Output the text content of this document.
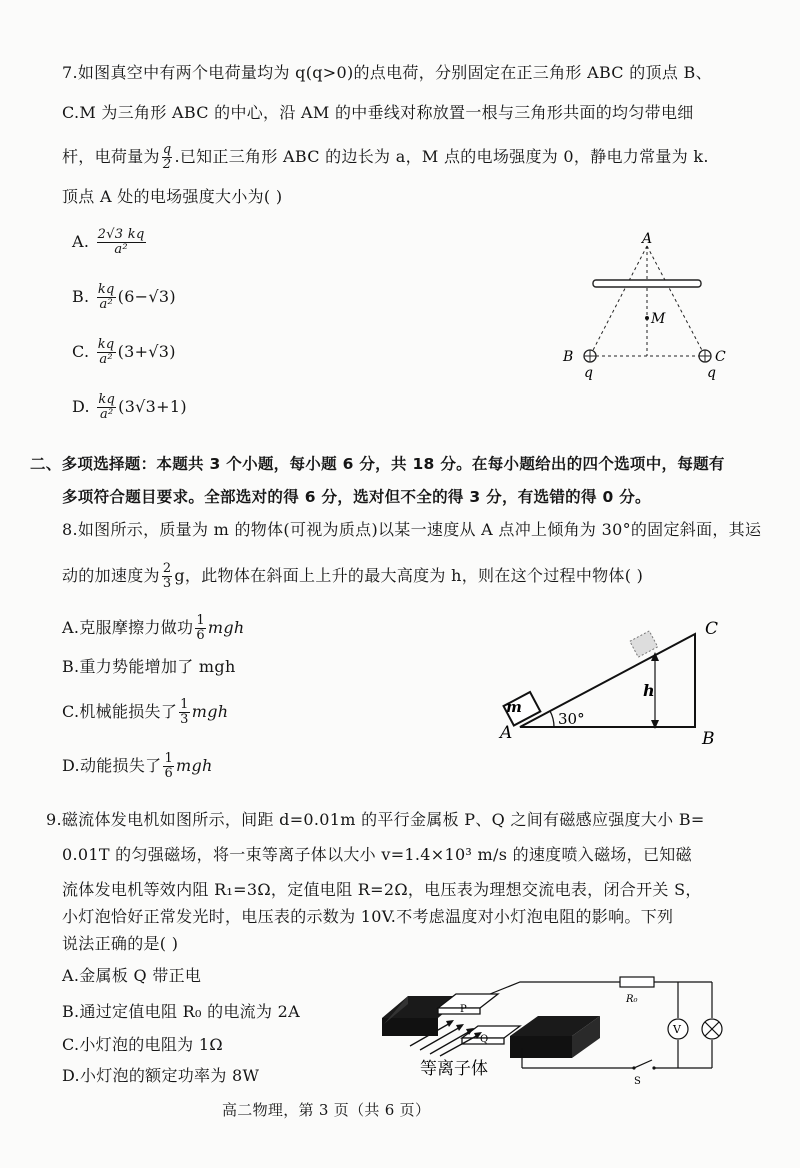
7.如图真空中有两个电荷量均为 q(q>0)的点电荷，分别固定在正三角形 ABC 的顶点 B、
C.M 为三角形 ABC 的中心，沿 AM 的中垂线对称放置一根与三角形共面的均匀带电细
杆，电荷量为 $\frac{q}{2}$ .已知正三角形 ABC 的边长为 a，M 点的电场强度为 0，静电力常量为 k.
顶点 A 处的电场强度大小为( )
A. $\frac{2√3 kq}{\text{a²}}$
B. $\frac{kq}{\text{a²}} (6-√3)$
C. $\frac{kq}{\text{a²}} (3+√3)$
D. $\frac{kq}{\text{a²}} (3√3+1)$
A
M
B	C
q	q
二、多项选择题：本题共 3 个小题，每小题 6 分，共 18 分。在每小题给出的四个选项中，每题有
多项符合题目要求。全部选对的得 6 分，选对但不全的得 3 分，有选错的得 0 分。
8.如图所示，质量为 m 的物体(可视为质点)以某一速度从 A 点冲上倾角为 30°的固定斜面，其运
动的加速度为 $\frac{2}{3}$ g，此物体在斜面上上升的最大高度为 h，则在这个过程中物体( )
A.克服摩擦力做功 $\frac{1}{6}$ mgh
B.重力势能增加了 mgh
C.机械能损失了 $\frac{1}{3}$ mgh
D.动能损失了 $\frac{1}{6}$ mgh
m
30°
h
A	B
C
9.磁流体发电机如图所示，间距 d=0.01m 的平行金属板 P、Q 之间有磁感应强度大小 B=
0.01T 的匀强磁场，将一束等离子体以大小 v=1.4×10³ m/s 的速度喷入磁场，已知磁
流体发电机等效内阻 R₁=3Ω，定值电阻 R=2Ω，电压表为理想交流电表，闭合开关 S，
小灯泡恰好正常发光时，电压表的示数为 10V.不考虑温度对小灯泡电阻的影响。下列
说法正确的是( )
A.金属板 Q 带正电
B.通过定值电阻 R₀ 的电流为 2A
C.小灯泡的电阻为 1Ω
D.小灯泡的额定功率为 8W
P
Q
等离子体
R₀
V
S
高二物理，第 3 页（共 6 页）
